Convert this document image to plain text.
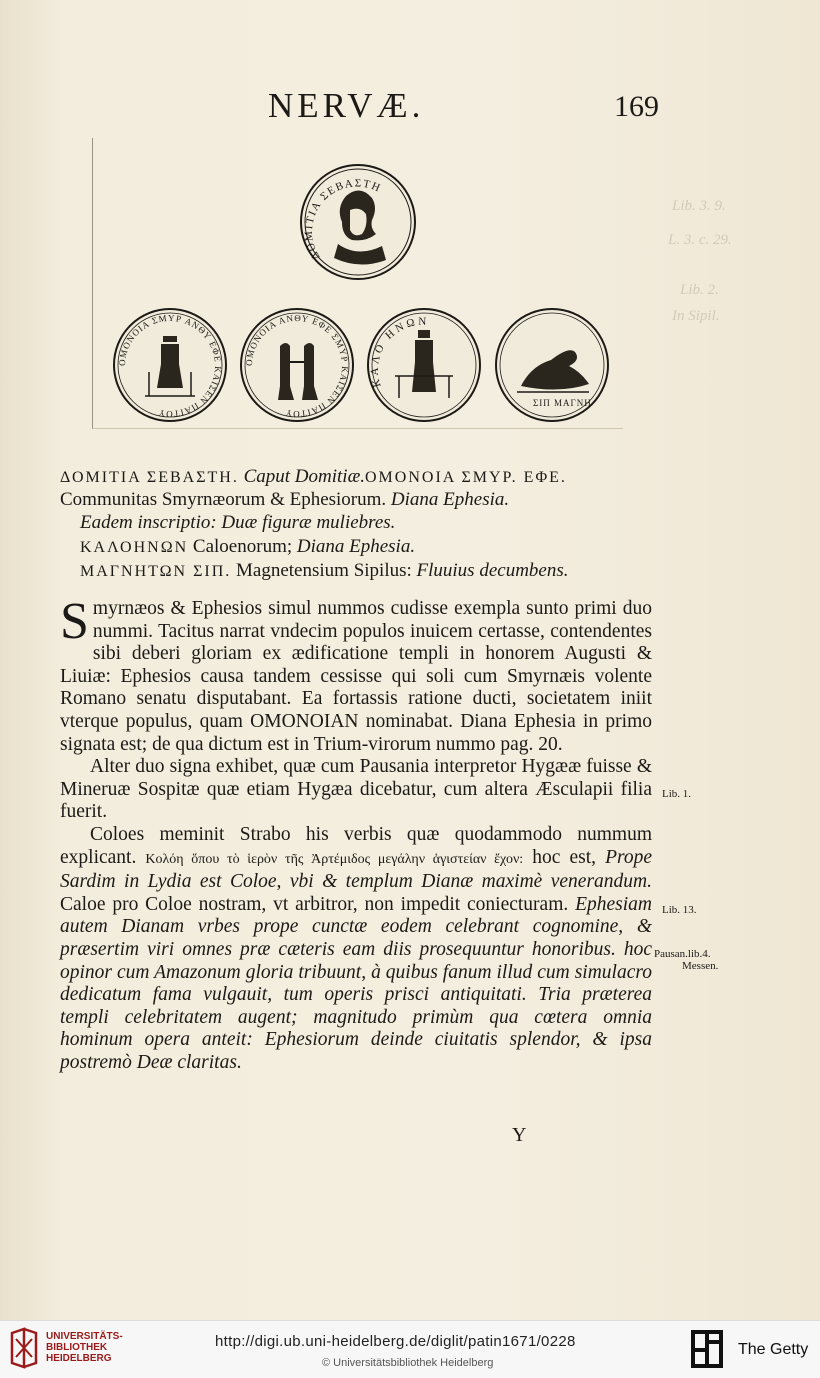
Lib. 3. 9.
L. 3. c. 29.
Lib. 2.
In Sipil.
NERVÆ.	169
ΔΟΜΙΤΙΑ ΣΕΒΑΣΤΗ
ΟΜΟΝΟΙΑ ΣΜΥΡ ΑΝΘΥ ΕΦΕ ΚΑΙΣΕΝ ΠΑΙΤΟΥ
ΟΜΟΝΟΙΑ ΑΝΘΥ ΕΦΕ ΣΜΥΡ ΚΑΙΣΕΝ ΠΑΙΤΟΥ
ΚΑΛΟ ΗΝΩΝ
ΣΙΠ ΜΑΓΝΗ
ΔΟΜΙΤΙΑ ΣΕΒΑΣΤΗ. Caput Domitiæ.ΟΜΟΝΟΙΑ ΣΜΥΡ. ΕΦΕ.
Communitas Smyrnæorum & Ephesiorum. Diana Ephesia.
Eadem inscriptio: Duæ figuræ muliebres.
ΚΑΛΟΗΝΩΝ Caloenorum; Diana Ephesia.
ΜΑΓΝΗΤΩΝ ΣΙΠ. Magnetensium Sipilus: Fluuius decumbens.

Smyrnæos & Ephesios simul nummos cudisse exempla sunto primi duo nummi. Tacitus narrat vndecim populos inuicem certasse, contendentes sibi deberi gloriam ex ædificatione templi in honorem Augusti & Liuiæ: Ephesios causa tandem cessisse qui soli cum Smyrnæis volente Romano senatu disputabant. Ea fortassis ratione ducti, societatem iniit vterque populus, quam ΟΜΟΝΟΙΑΝ nominabat. Diana Ephesia in primo signata est; de qua dictum est in Trium-virorum nummo pag. 20.

Alter duo signa exhibet, quæ cum Pausania interpretor Hygææ fuisse & Mineruæ Sospitæ quæ etiam Hygæa dicebatur, cum altera Æsculapii filia fuerit.

Coloes meminit Strabo his verbis quæ quodammodo nummum explicant. Κολόη ὅπου τὸ ἱερὸν τῆς Ἀρτέμιδος μεγάλην ἁγιστείαν ἔχον: hoc est, Prope Sardim in Lydia est Coloe, vbi & templum Dianæ maximè venerandum. Caloe pro Coloe nostram, vt arbitror, non impedit coniecturam. Ephesiam autem Dianam vrbes prope cunctæ eodem celebrant cognomine, & præsertim viri omnes præ cæteris eam diis prosequuntur honoribus. hoc opinor cum Amazonum gloria tribuunt, à quibus fanum illud cum simulacro dedicatum fama vulgauit, tum operis prisci antiquitati. Tria præterea templi celebritatem augent; magnitudo primùm qua cœtera omnia hominum opera anteit: Ephesiorum deinde ciuitatis splendor, & ipsa postremò Deæ claritas.

Lib. 1.
Lib. 13.
Pausan.lib.4.
Messen.
Y
UNIVERSITÄTS-
BIBLIOTHEK
HEIDELBERG
http://digi.ub.uni-heidelberg.de/diglit/patin1671/0228
© Universitätsbibliothek Heidelberg
The Getty
